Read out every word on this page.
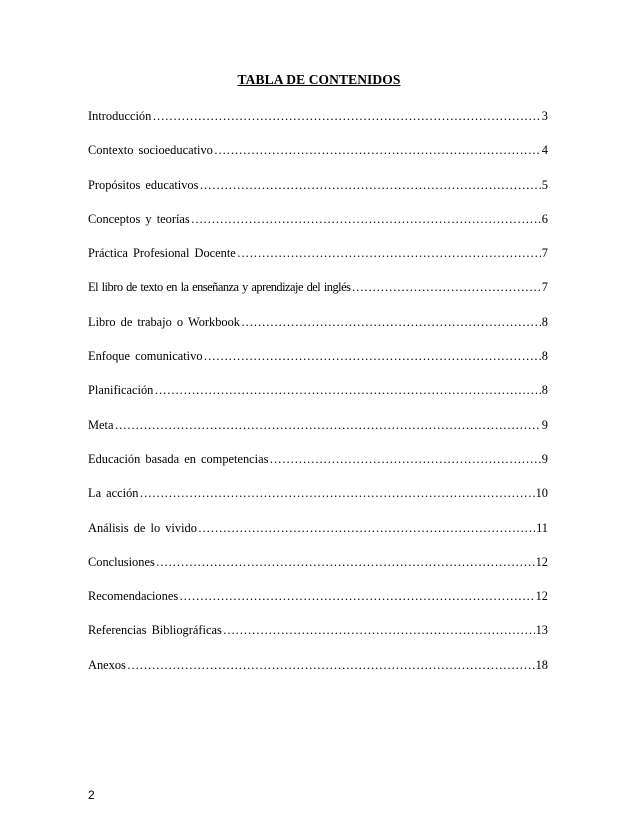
TABLA DE CONTENIDOS
Introducción ……………………………………………………………………………………………………………………………………………………………………	3
Contexto socioeducativo ……………………………………………………………………………………………………………………………………………………………………	4
Propósitos educativos ……………………………………………………………………………………………………………………………………………………………………	5
Conceptos y teorías ……………………………………………………………………………………………………………………………………………………………………	6
Práctica Profesional Docente ……………………………………………………………………………………………………………………………………………………………………	7
El libro de texto en la enseñanza y aprendizaje del inglés ……………………………………………………………………………………………………………………………………………………………………	7
Libro de trabajo o Workbook ……………………………………………………………………………………………………………………………………………………………………	8
Enfoque comunicativo ……………………………………………………………………………………………………………………………………………………………………	8
Planificación ……………………………………………………………………………………………………………………………………………………………………	8
Meta ……………………………………………………………………………………………………………………………………………………………………	9
Educación basada en competencias ……………………………………………………………………………………………………………………………………………………………………	9
La acción ……………………………………………………………………………………………………………………………………………………………………	10
Análisis de lo vivido ……………………………………………………………………………………………………………………………………………………………………	11
Conclusiones ……………………………………………………………………………………………………………………………………………………………………	12
Recomendaciones ……………………………………………………………………………………………………………………………………………………………………	12
Referencias Bibliográficas ……………………………………………………………………………………………………………………………………………………………………	13
Anexos ……………………………………………………………………………………………………………………………………………………………………	18
2
